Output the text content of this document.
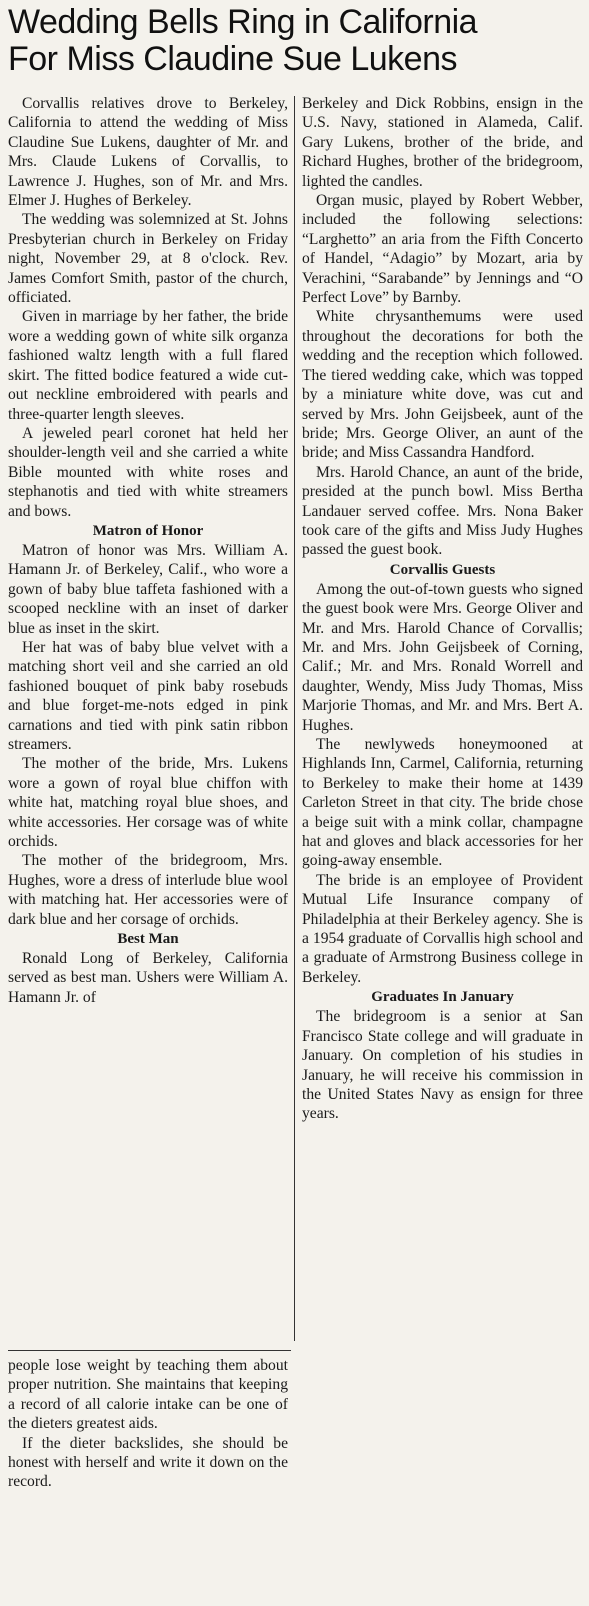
Wedding Bells Ring in California
For Miss Claudine Sue Lukens

Corvallis relatives drove to Berkeley, California to attend the wedding of Miss Claudine Sue Lukens, daughter of Mr. and Mrs. Claude Lukens of Corvallis, to Lawrence J. Hughes, son of Mr. and Mrs. Elmer J. Hughes of Berkeley.

The wedding was solemnized at St. Johns Presbyterian church in Berkeley on Friday night, November 29, at 8 o'clock. Rev. James Comfort Smith, pastor of the church, officiated.

Given in marriage by her father, the bride wore a wedding gown of white silk organza fashioned waltz length with a full flared skirt. The fitted bodice featured a wide cut-out neckline embroidered with pearls and three-quarter length sleeves.

A jeweled pearl coronet hat held her shoulder-length veil and she carried a white Bible mounted with white roses and stephanotis and tied with white streamers and bows.

Matron of Honor

Matron of honor was Mrs. William A. Hamann Jr. of Berkeley, Calif., who wore a gown of baby blue taffeta fashioned with a scooped neckline with an inset of darker blue as inset in the skirt.

Her hat was of baby blue velvet with a matching short veil and she carried an old fashioned bouquet of pink baby rosebuds and blue forget-me-nots edged in pink carnations and tied with pink satin ribbon streamers.

The mother of the bride, Mrs. Lukens wore a gown of royal blue chiffon with white hat, matching royal blue shoes, and white accessories. Her corsage was of white orchids.

The mother of the bridegroom, Mrs. Hughes, wore a dress of interlude blue wool with matching hat. Her accessories were of dark blue and her corsage of orchids.

Best Man

Ronald Long of Berkeley, California served as best man. Ushers were William A. Hamann Jr. of

Berkeley and Dick Robbins, ensign in the U.S. Navy, stationed in Alameda, Calif. Gary Lukens, brother of the bride, and Richard Hughes, brother of the bridegroom, lighted the candles.

Organ music, played by Robert Webber, included the following selections: “Larghetto” an aria from the Fifth Concerto of Handel, “Adagio” by Mozart, aria by Verachini, “Sarabande” by Jennings and “O Perfect Love” by Barnby.

White chrysanthemums were used throughout the decorations for both the wedding and the reception which followed. The tiered wedding cake, which was topped by a miniature white dove, was cut and served by Mrs. John Geijsbeek, aunt of the bride; Mrs. George Oliver, an aunt of the bride; and Miss Cassandra Handford.

Mrs. Harold Chance, an aunt of the bride, presided at the punch bowl. Miss Bertha Landauer served coffee. Mrs. Nona Baker took care of the gifts and Miss Judy Hughes passed the guest book.

Corvallis Guests

Among the out-of-town guests who signed the guest book were Mrs. George Oliver and Mr. and Mrs. Harold Chance of Corvallis; Mr. and Mrs. John Geijsbeek of Corning, Calif.; Mr. and Mrs. Ronald Worrell and daughter, Wendy, Miss Judy Thomas, Miss Marjorie Thomas, and Mr. and Mrs. Bert A. Hughes.

The newlyweds honeymooned at Highlands Inn, Carmel, California, returning to Berkeley to make their home at 1439 Carleton Street in that city. The bride chose a beige suit with a mink collar, champagne hat and gloves and black accessories for her going-away ensemble.

The bride is an employee of Provident Mutual Life Insurance company of Philadelphia at their Berkeley agency. She is a 1954 graduate of Corvallis high school and a graduate of Armstrong Business college in Berkeley.

Graduates In January

The bridegroom is a senior at San Francisco State college and will graduate in January. On completion of his studies in January, he will receive his commission in the United States Navy as ensign for three years.

people lose weight by teaching them about proper nutrition. She maintains that keeping a record of all calorie intake can be one of the dieters greatest aids.

If the dieter backslides, she should be honest with herself and write it down on the record.
